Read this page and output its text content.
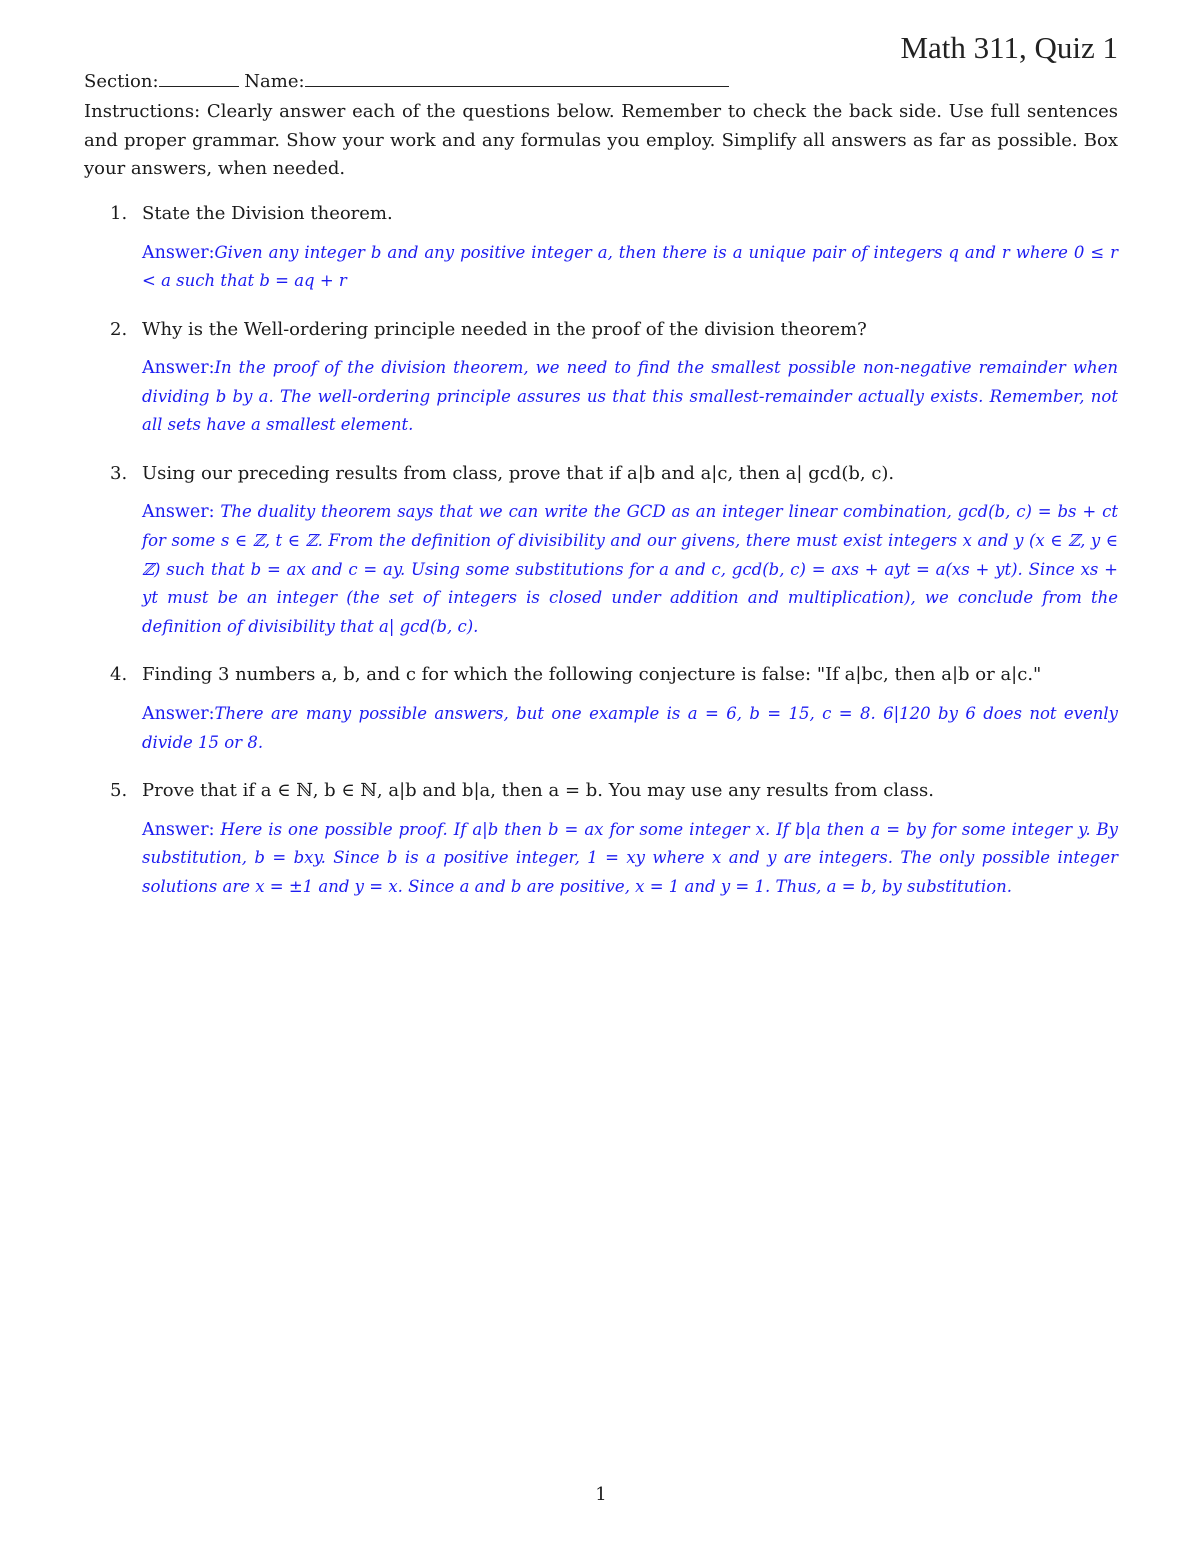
Math 311, Quiz 1
Section:	Name:

Instructions: Clearly answer each of the questions below. Remember to check the back side. Use full sentences and proper grammar. Show your work and any formulas you employ. Simplify all answers as far as possible. Box your answers, when needed.

1. State the Division theorem.

Answer:Given any integer b and any positive integer a, then there is a unique pair of integers q and r where 0 ≤ r < a such that b = aq + r

2. Why is the Well-ordering principle needed in the proof of the division theorem?

Answer:In the proof of the division theorem, we need to find the smallest possible non-negative remainder when dividing b by a. The well-ordering principle assures us that this smallest-remainder actually exists. Remember, not all sets have a smallest element.

3. Using our preceding results from class, prove that if a|b and a|c, then a| gcd(b, c).

Answer: The duality theorem says that we can write the GCD as an integer linear combination, gcd(b, c) = bs + ct for some s ∈ ℤ, t ∈ ℤ. From the definition of divisibility and our givens, there must exist integers x and y (x ∈ ℤ, y ∈ ℤ) such that b = ax and c = ay. Using some substitutions for a and c, gcd(b, c) = axs + ayt = a(xs + yt). Since xs + yt must be an integer (the set of integers is closed under addition and multiplication), we conclude from the definition of divisibility that a| gcd(b, c).

4. Finding 3 numbers a, b, and c for which the following conjecture is false: "If a|bc, then a|b or a|c."

Answer:There are many possible answers, but one example is a = 6, b = 15, c = 8. 6|120 by 6 does not evenly divide 15 or 8.

5. Prove that if a ∈ ℕ, b ∈ ℕ, a|b and b|a, then a = b. You may use any results from class.

Answer: Here is one possible proof. If a|b then b = ax for some integer x. If b|a then a = by for some integer y. By substitution, b = bxy. Since b is a positive integer, 1 = xy where x and y are integers. The only possible integer solutions are x = ±1 and y = x. Since a and b are positive, x = 1 and y = 1. Thus, a = b, by substitution.

1
